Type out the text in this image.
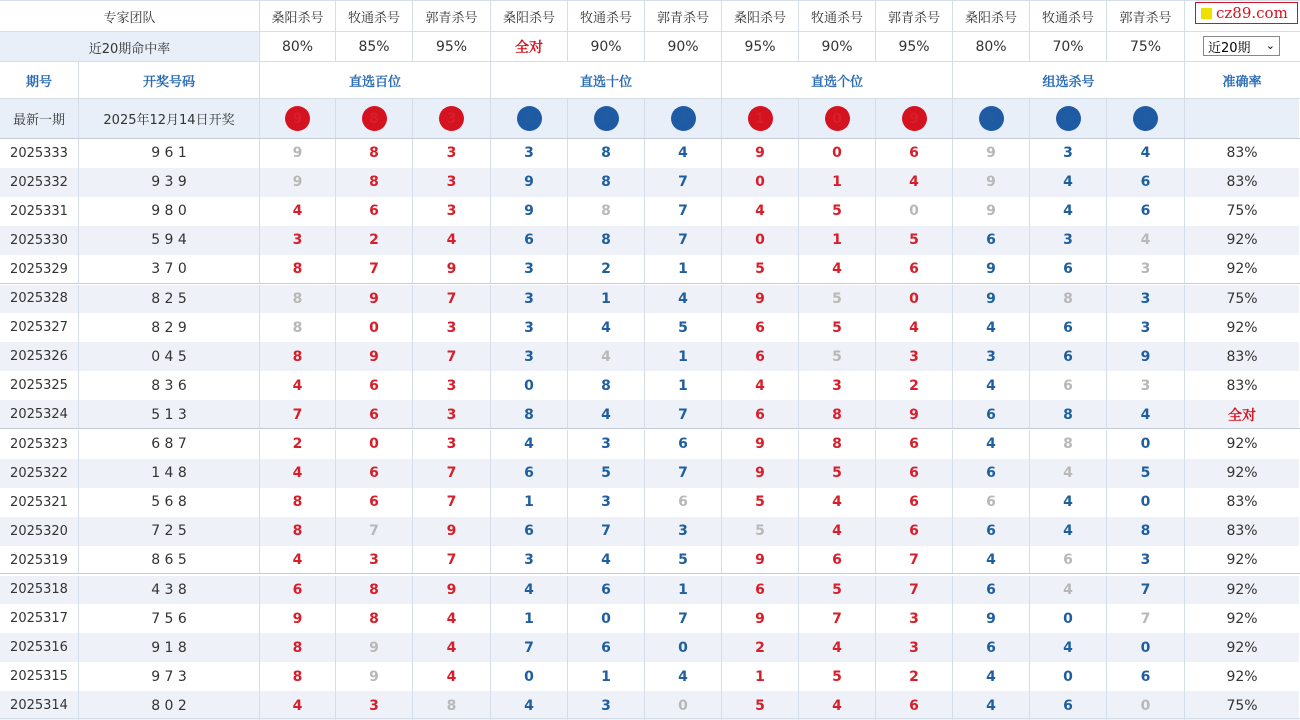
专家团队	桑阳杀号 牧通杀号 郭青杀号 桑阳杀号 牧通杀号 郭青杀号 桑阳杀号 牧通杀号 郭青杀号 桑阳杀号 牧通杀号 郭青杀号
近20期命中率	80%	85%	95%	全对	90%	90%	95%	90%	95%	80%	70%	75%
期号	开奖号码	直选百位	直选十位	直选个位	组选杀号	准确率
最新一期	2025年12月14日开奖	9	8	3	6	5	3	1	0	9	9	6	3
2025333	9 6 1	9	8	3	3	8	4	9	0	6	9	3	4	83%
2025332	9 3 9	9	8	3	9	8	7	0	1	4	9	4	6	83%
2025331	9 8 0	4	6	3	9	8	7	4	5	0	9	4	6	75%
2025330	5 9 4	3	2	4	6	8	7	0	1	5	6	3	4	92%
2025329	3 7 0	8	7	9	3	2	1	5	4	6	9	6	3	92%
2025328	8 2 5	8	9	7	3	1	4	9	5	0	9	8	3	75%
2025327	8 2 9	8	0	3	3	4	5	6	5	4	4	6	3	92%
2025326	0 4 5	8	9	7	3	4	1	6	5	3	3	6	9	83%
2025325	8 3 6	4	6	3	0	8	1	4	3	2	4	6	3	83%
2025324	5 1 3	7	6	3	8	4	7	6	8	9	6	8	4	全对
2025323	6 8 7	2	0	3	4	3	6	9	8	6	4	8	0	92%
2025322	1 4 8	4	6	7	6	5	7	9	5	6	6	4	5	92%
2025321	5 6 8	8	6	7	1	3	6	5	4	6	6	4	0	83%
2025320	7 2 5	8	7	9	6	7	3	5	4	6	6	4	8	83%
2025319	8 6 5	4	3	7	3	4	5	9	6	7	4	6	3	92%
2025318	4 3 8	6	8	9	4	6	1	6	5	7	6	4	7	92%
2025317	7 5 6	9	8	4	1	0	7	9	7	3	9	0	7	92%
2025316	9 1 8	8	9	4	7	6	0	2	4	3	6	4	0	92%
2025315	9 7 3	8	9	4	0	1	4	1	5	2	4	0	6	92%
2025314	8 0 2	4	3	8	4	3	0	5	4	6	4	6	0	75%
cz89.com
近20期 ⌄
